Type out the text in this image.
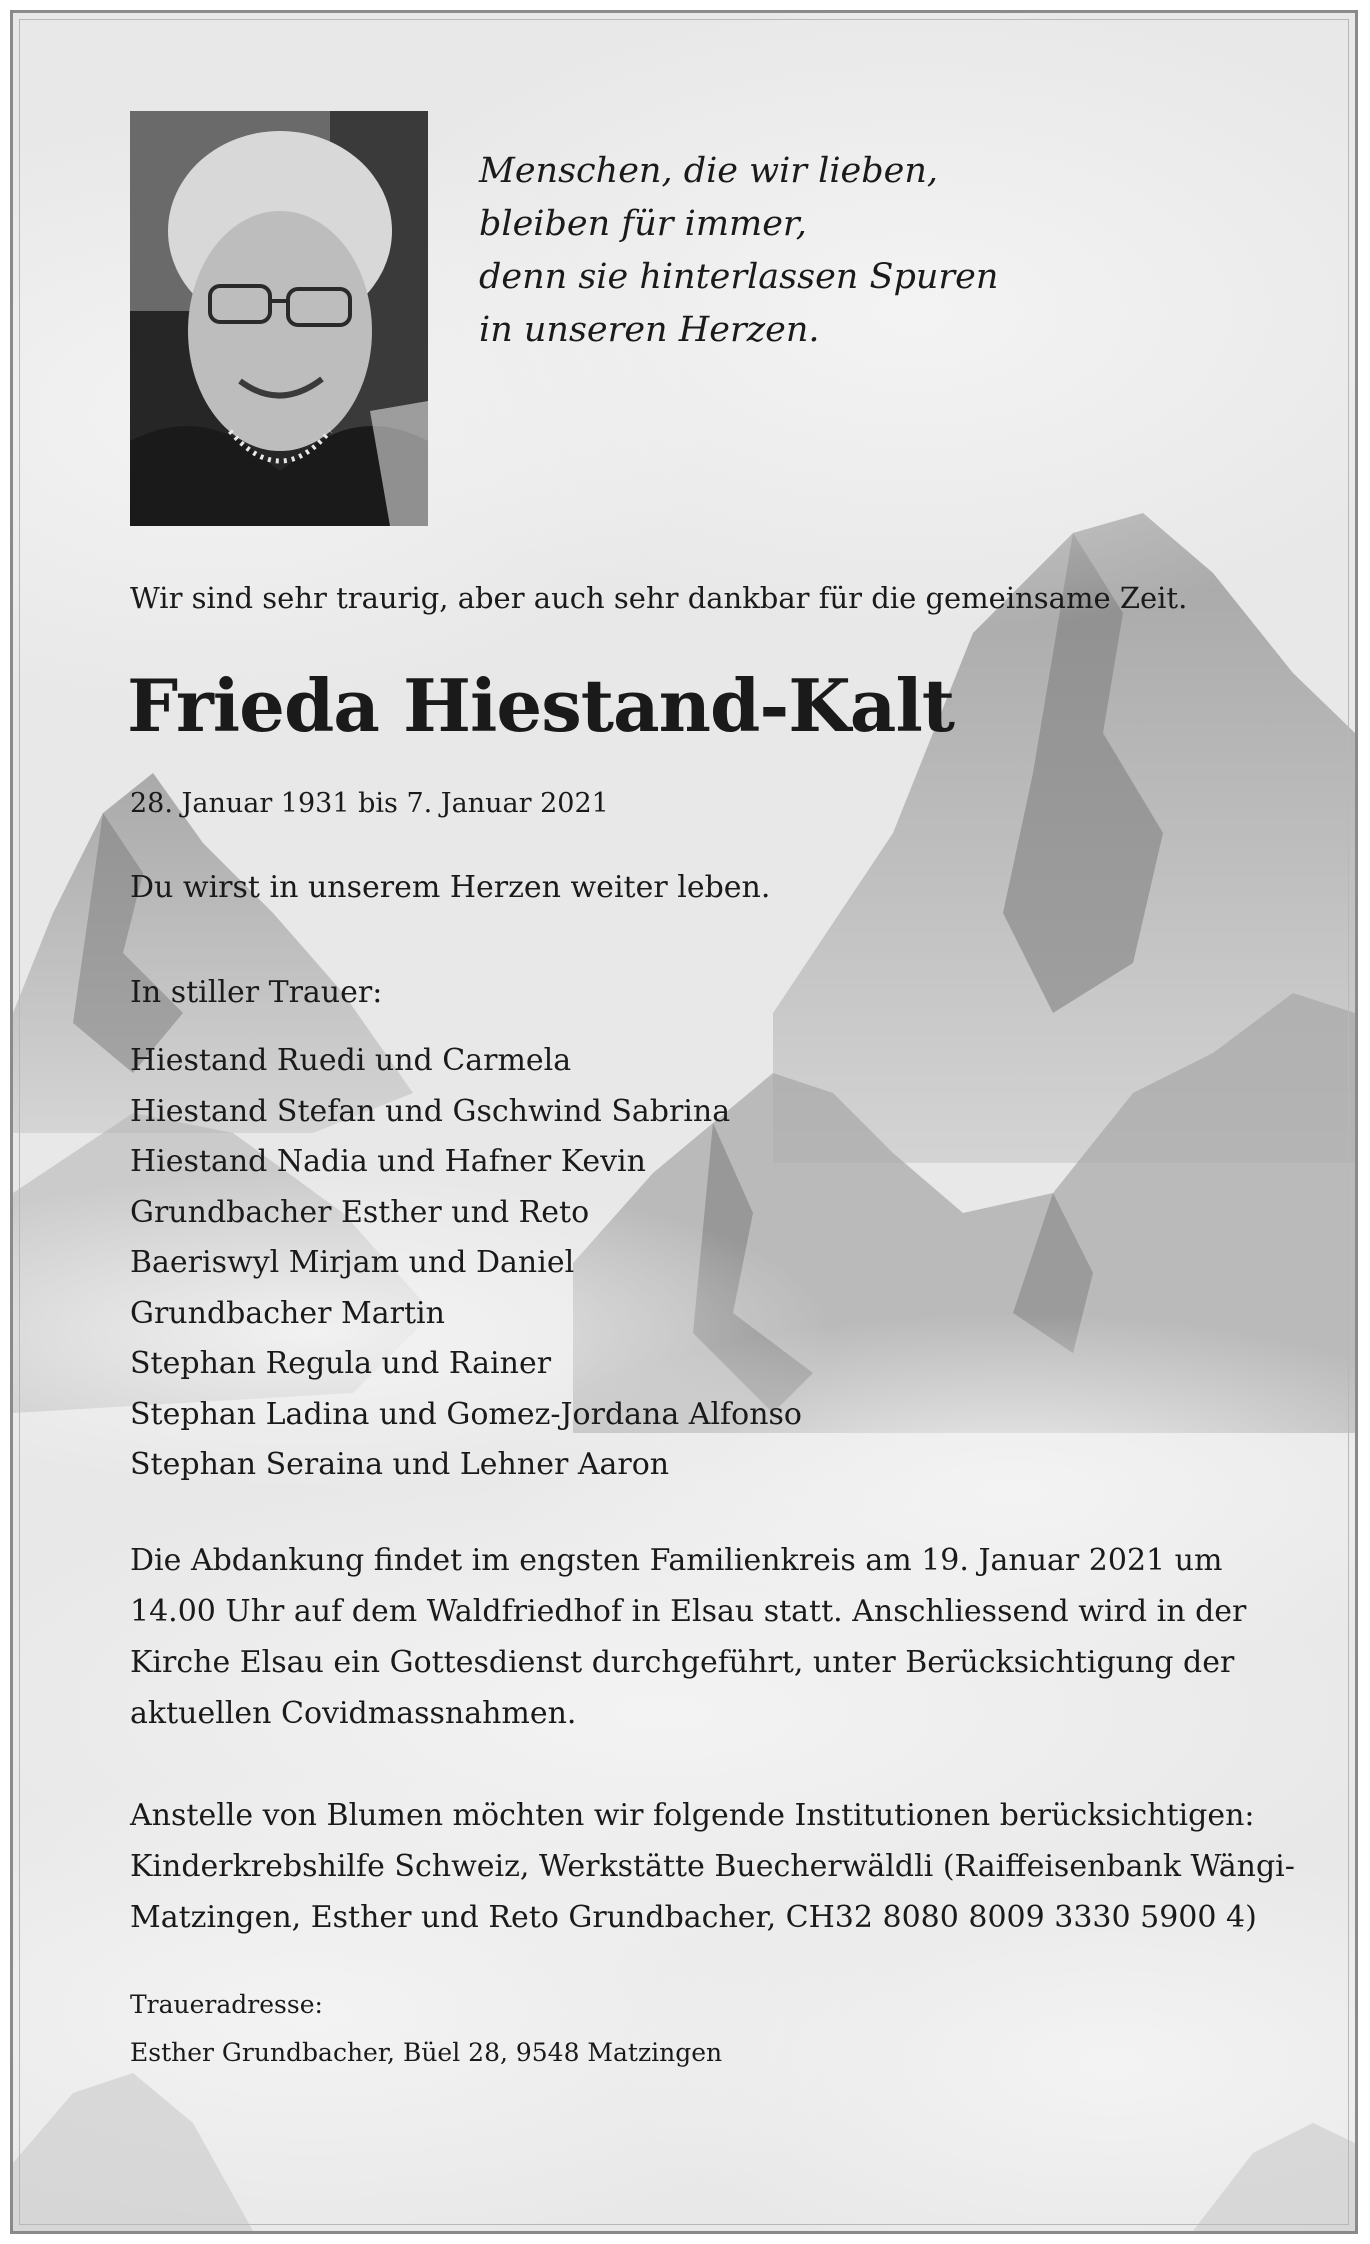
Menschen, die wir lieben,
bleiben für immer,
denn sie hinterlassen Spuren
in unseren Herzen.
Wir sind sehr traurig, aber auch sehr dankbar für die gemeinsame Zeit.
Frieda Hiestand-Kalt
28. Januar 1931 bis 7. Januar 2021
Du wirst in unserem Herzen weiter leben.
In stiller Trauer:
Hiestand Ruedi und Carmela
Hiestand Stefan und Gschwind Sabrina
Hiestand Nadia und Hafner Kevin
Grundbacher Esther und Reto
Baeriswyl Mirjam und Daniel
Grundbacher Martin
Stephan Regula und Rainer
Stephan Ladina und Gomez-Jordana Alfonso
Stephan Seraina und Lehner Aaron
Die Abdankung findet im engsten Familienkreis am 19. Januar 2021 um
14.00 Uhr auf dem Waldfriedhof in Elsau statt. Anschliessend wird in der
Kirche Elsau ein Gottesdienst durchgeführt, unter Berücksichtigung der
aktuellen Covidmassnahmen.
Anstelle von Blumen möchten wir folgende Institutionen berücksichtigen:
Kinderkrebshilfe Schweiz, Werkstätte Buecherwäldli (Raiffeisenbank Wängi-
Matzingen, Esther und Reto Grundbacher, CH32 8080 8009 3330 5900 4)
Traueradresse:
Esther Grundbacher, Büel 28, 9548 Matzingen
